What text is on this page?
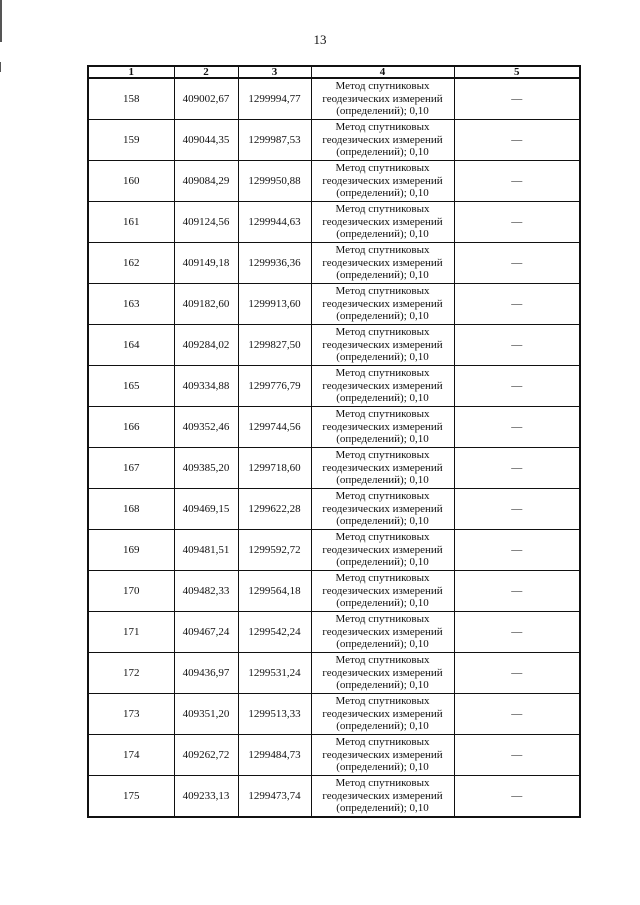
13
1	2	3	4	5
158	409002,67	1299994,77	Метод спутниковых
геодезических измерений
(определений); 0,10	—
159	409044,35	1299987,53	Метод спутниковых
геодезических измерений
(определений); 0,10	—
160	409084,29	1299950,88	Метод спутниковых
геодезических измерений
(определений); 0,10	—
161	409124,56	1299944,63	Метод спутниковых
геодезических измерений
(определений); 0,10	—
162	409149,18	1299936,36	Метод спутниковых
геодезических измерений
(определений); 0,10	—
163	409182,60	1299913,60	Метод спутниковых
геодезических измерений
(определений); 0,10	—
164	409284,02	1299827,50	Метод спутниковых
геодезических измерений
(определений); 0,10	—
165	409334,88	1299776,79	Метод спутниковых
геодезических измерений
(определений); 0,10	—
166	409352,46	1299744,56	Метод спутниковых
геодезических измерений
(определений); 0,10	—
167	409385,20	1299718,60	Метод спутниковых
геодезических измерений
(определений); 0,10	—
168	409469,15	1299622,28	Метод спутниковых
геодезических измерений
(определений); 0,10	—
169	409481,51	1299592,72	Метод спутниковых
геодезических измерений
(определений); 0,10	—
170	409482,33	1299564,18	Метод спутниковых
геодезических измерений
(определений); 0,10	—
171	409467,24	1299542,24	Метод спутниковых
геодезических измерений
(определений); 0,10	—
172	409436,97	1299531,24	Метод спутниковых
геодезических измерений
(определений); 0,10	—
173	409351,20	1299513,33	Метод спутниковых
геодезических измерений
(определений); 0,10	—
174	409262,72	1299484,73	Метод спутниковых
геодезических измерений
(определений); 0,10	—
175	409233,13	1299473,74	Метод спутниковых
геодезических измерений
(определений); 0,10	—
